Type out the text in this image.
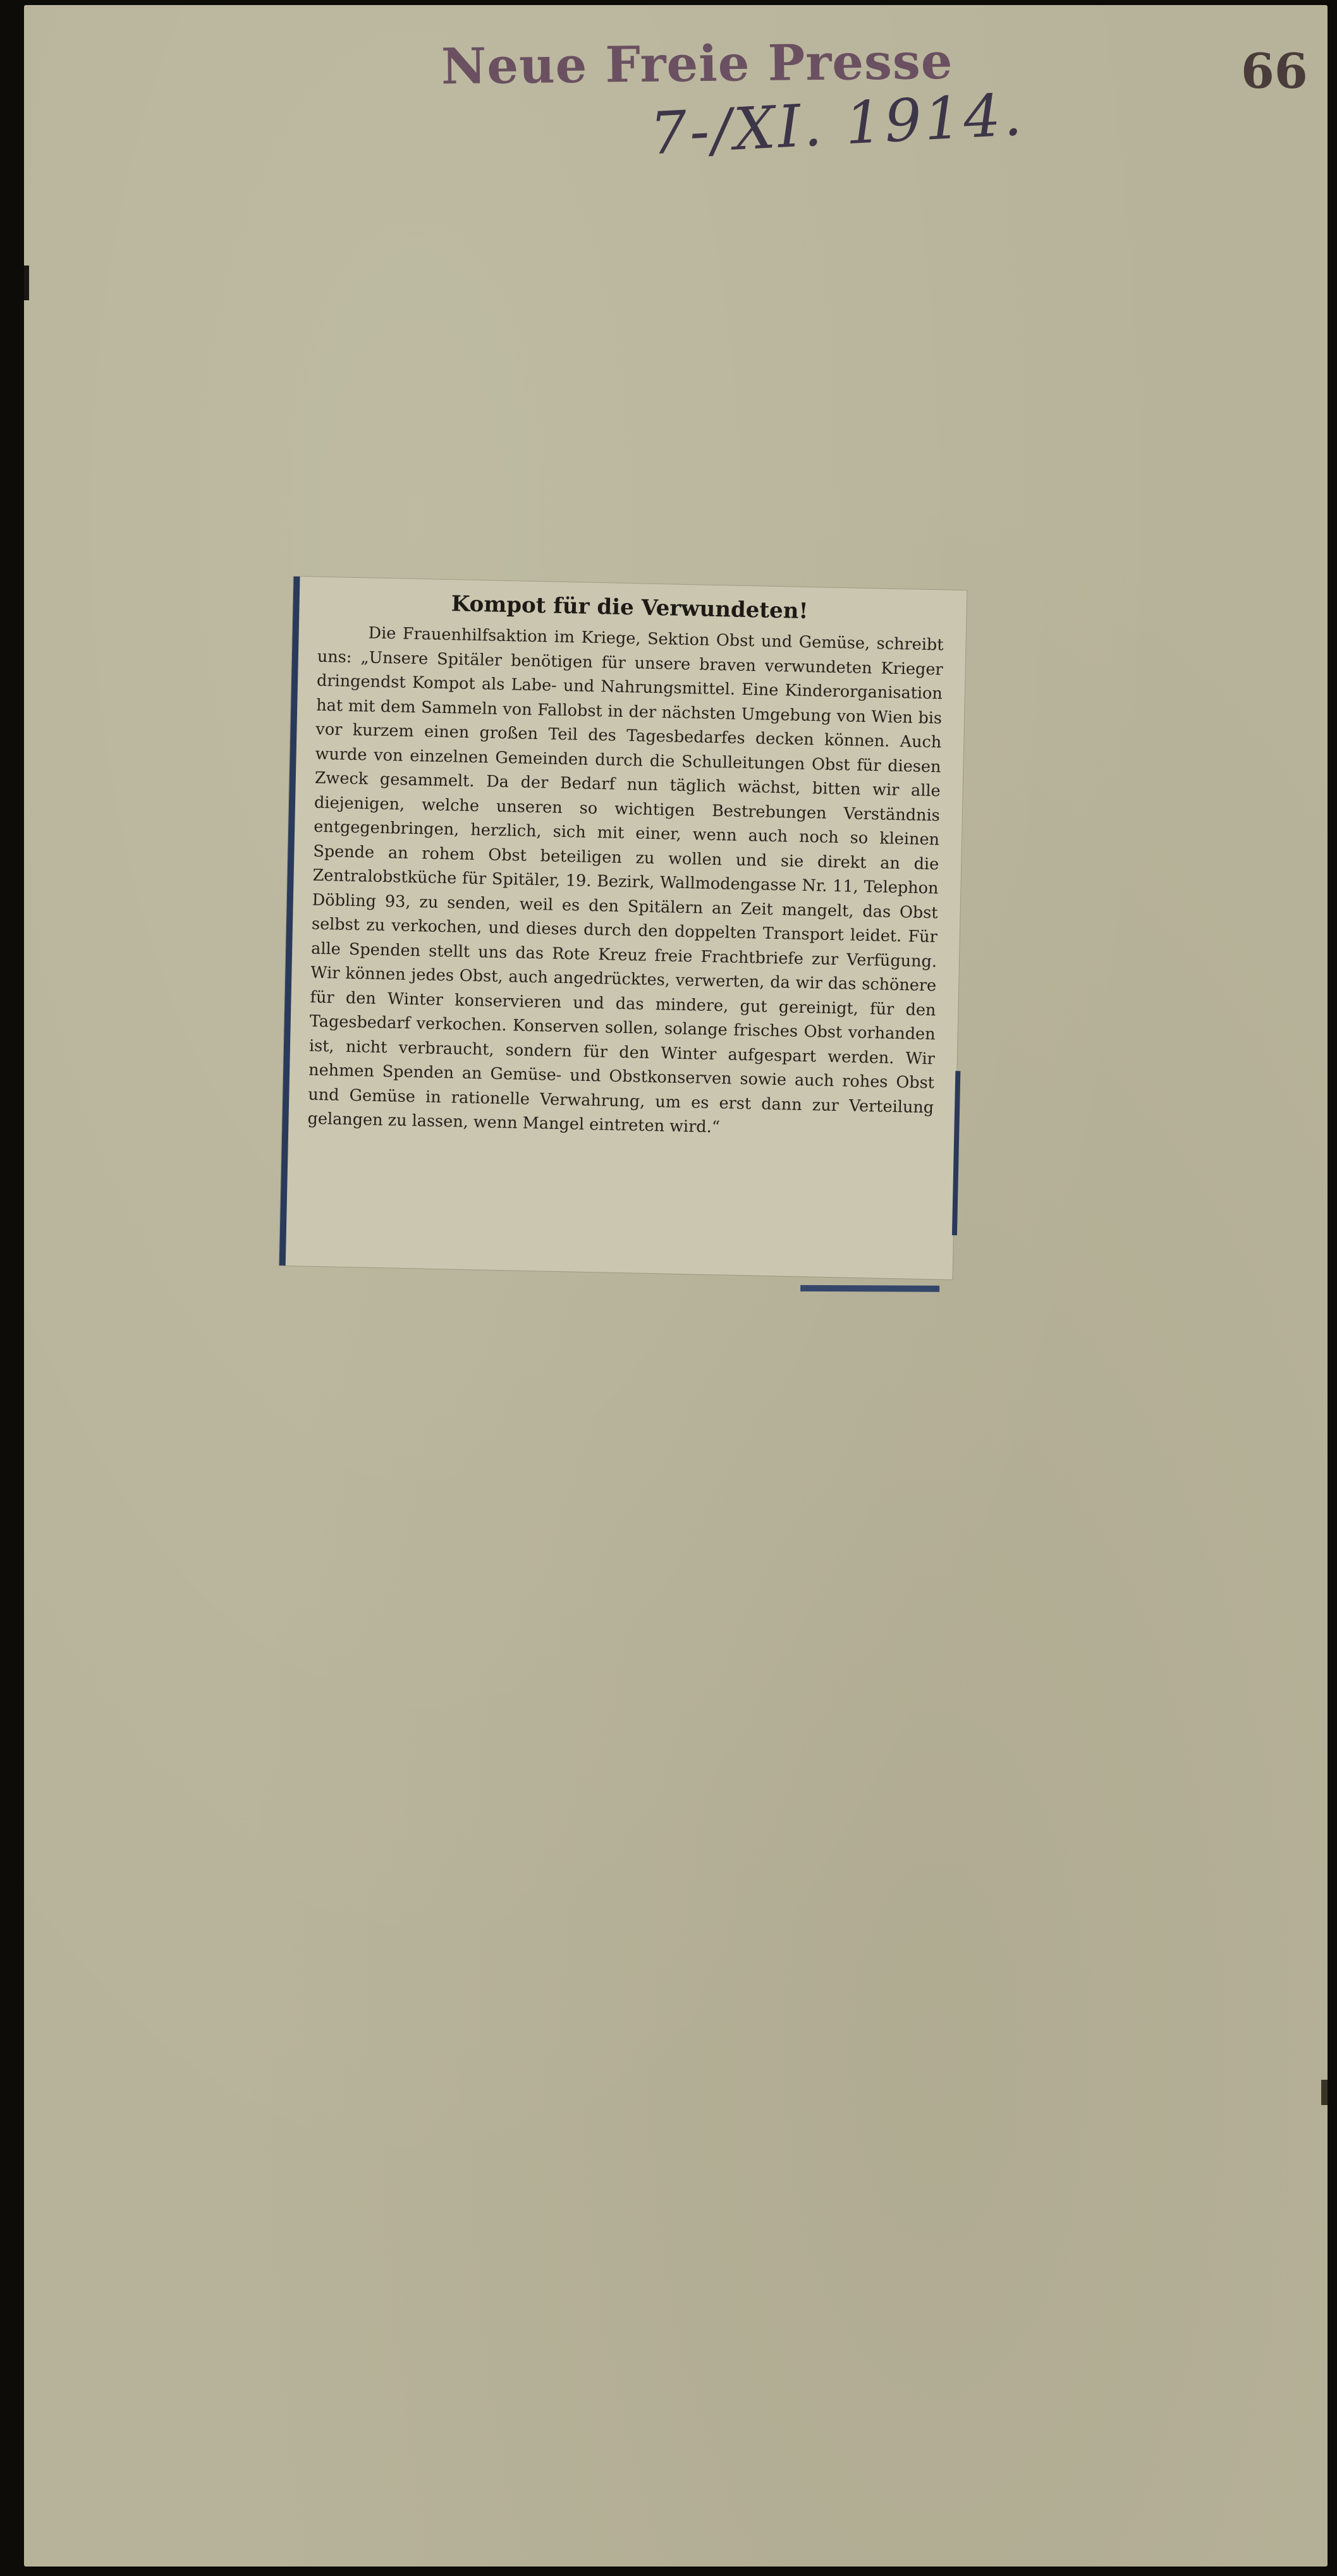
Neue Freie Presse	66
7-/XI. 1914.
Kompot für die Verwundeten!

Die Frauenhilfsaktion im Kriege, Sektion Obst und Gemüse, schreibt uns: „Unsere Spitäler benötigen für unsere braven verwundeten Krieger dringendst Kompot als Labe- und Nahrungsmittel. Eine Kinderorganisation hat mit dem Sammeln von Fallobst in der nächsten Umgebung von Wien bis vor kurzem einen großen Teil des Tagesbedarfes decken können. Auch wurde von einzelnen Gemeinden durch die Schulleitungen Obst für diesen Zweck gesammelt. Da der Bedarf nun täglich wächst, bitten wir alle diejenigen, welche unseren so wichtigen Bestrebungen Verständnis entgegenbringen, herzlich, sich mit einer, wenn auch noch so kleinen Spende an rohem Obst beteiligen zu wollen und sie direkt an die Zentralobstküche für Spitäler, 19. Bezirk, Wallmodengasse Nr. 11, Telephon Döbling 93, zu senden, weil es den Spitälern an Zeit mangelt, das Obst selbst zu verkochen, und dieses durch den doppelten Transport leidet. Für alle Spenden stellt uns das Rote Kreuz freie Frachtbriefe zur Verfügung. Wir können jedes Obst, auch angedrücktes, verwerten, da wir das schönere für den Winter konservieren und das mindere, gut gereinigt, für den Tagesbedarf verkochen. Konserven sollen, solange frisches Obst vorhanden ist, nicht verbraucht, sondern für den Winter aufgespart werden. Wir nehmen Spenden an Gemüse- und Obstkonserven sowie auch rohes Obst und Gemüse in rationelle Verwahrung, um es erst dann zur Verteilung gelangen zu lassen, wenn Mangel eintreten wird.“
